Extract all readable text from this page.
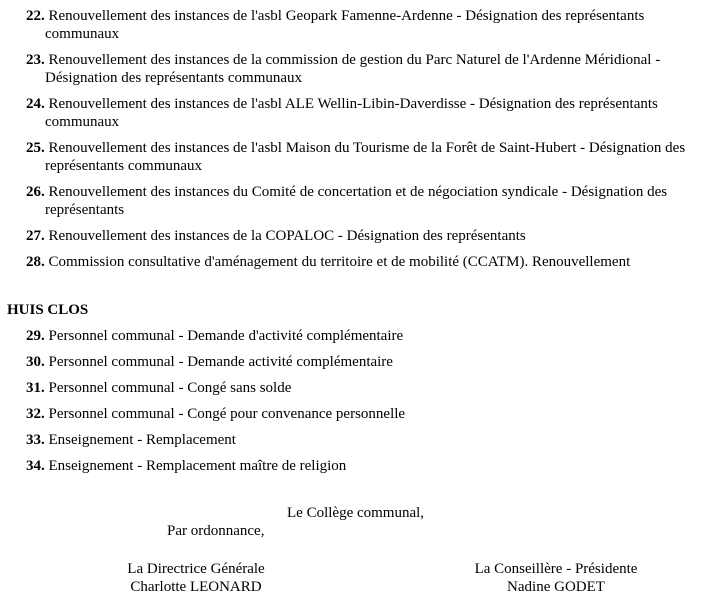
22. Renouvellement des instances de l'asbl Geopark Famenne-Ardenne - Désignation des représentants communaux
23. Renouvellement des instances de la commission de gestion du Parc Naturel de l'Ardenne Méridional - Désignation des représentants communaux
24. Renouvellement des instances de l'asbl ALE Wellin-Libin-Daverdisse - Désignation des représentants communaux
25. Renouvellement des instances de l'asbl Maison du Tourisme de la Forêt de Saint-Hubert - Désignation des représentants communaux
26. Renouvellement des instances du Comité de concertation et de négociation syndicale - Désignation des représentants
27. Renouvellement des instances de la COPALOC - Désignation des représentants
28. Commission consultative d'aménagement du territoire et de mobilité (CCATM). Renouvellement
HUIS CLOS
29. Personnel communal - Demande d'activité complémentaire
30. Personnel communal - Demande activité complémentaire
31. Personnel communal - Congé sans solde
32. Personnel communal - Congé pour convenance personnelle
33. Enseignement - Remplacement
34. Enseignement - Remplacement maître de religion
Le Collège communal,
Par ordonnance,
La Directrice Générale
Charlotte LEONARD
La Conseillère - Présidente
Nadine GODET
